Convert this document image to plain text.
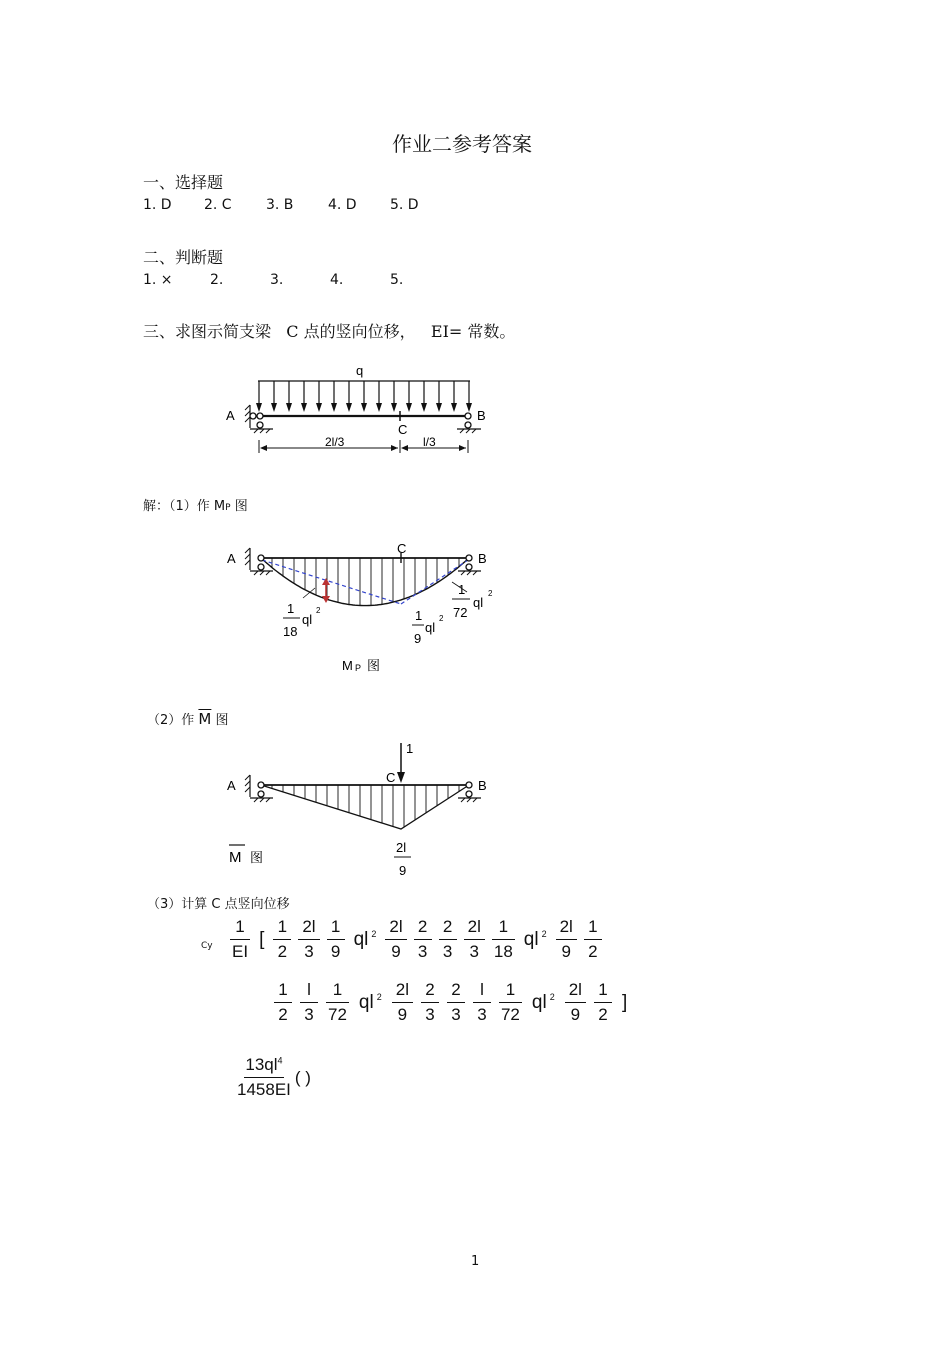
作业二参考答案
一、选择题
1. D 2. C 3. B 4. D 5. D
二、判断题
1. ×	2.	3.	4.	5.
三、求图示简支梁 C 点的竖向位移， EI= 常数。
q
A	B
C
2l/3	l/3
A	B
C
1
18
ql
2	1
9
ql
2
1
72
ql
2
M P 图
1
C
A	B
2l
9
M 图
解：（1）作 MP 图
（2）作 $\overline{M}$ 图
（3）计算 C 点竖向位移
Cy $\frac{1}{EI}$ [ $\frac{1}{2} \frac{2l}{3} \frac{1}{9}$ ql $^2 \frac{2l}{9} \frac{2}{3} \frac{2}{3} \frac{2l}{3} \frac{1}{18}$ ql $^2 \frac{2l}{9} \frac{1}{2}$
$\frac{1}{2} \frac{l}{3} \frac{1}{72}$ ql $^2 \frac{2l}{9} \frac{2}{3} \frac{2}{3} \frac{l}{3} \frac{1}{72}$ ql $^2 \frac{2l}{9} \frac{1}{2}$ ]
$13ql^4$
1458EI
( )
1
